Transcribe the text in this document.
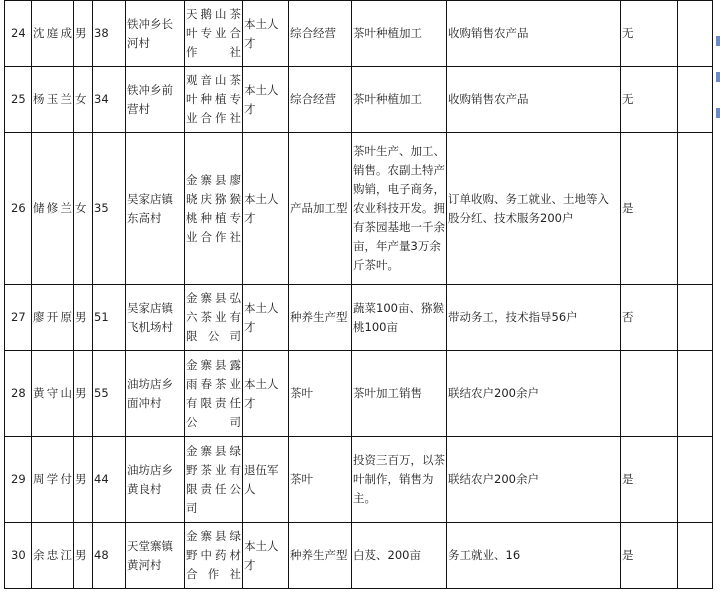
24	沈庭成	男	38	铁冲乡长河村	天鹅山茶叶专业合作社	本土人才	综合经营	茶叶种植加工	收购销售农产品	无	
25	杨玉兰	女	34	铁冲乡前营村	观音山茶叶种植专业合作社	本土人才	综合经营	茶叶种植加工	收购销售农产品	无	
26	储修兰	女	35	吴家店镇东高村	金寨县廖晓庆猕猴桃种植专业合作社	本土人才	产品加工型	茶叶生产、加工、销售。农副土特产购销，电子商务，农业科技开发。拥有茶园基地一千余亩，年产量3万余斤茶叶。	订单收购、务工就业、土地等入股分红、技术服务200户	是	
27	廖开原	男	51	吴家店镇飞机场村	金寨县弘六茶业有限公司	本土人才	种养生产型	蔬菜100亩、猕猴桃100亩	带动务工，技术指导56户	否	
28	黄守山	男	55	油坊店乡面冲村	金寨县露雨春茶业有限责任公司	本土人才	茶叶	茶叶加工销售	联结农户200余户		
29	周学付	男	44	油坊店乡黄良村	金寨县绿野茶业有限责任公司	退伍军人	茶叶	投资三百万，以茶叶制作，销售为主。	联结农户200余户	是	
30	余忠江	男	48	天堂寨镇黄河村	金寨县绿野中药材合作社	本土人才	种养生产型	白芨、200亩	务工就业、16	是	
